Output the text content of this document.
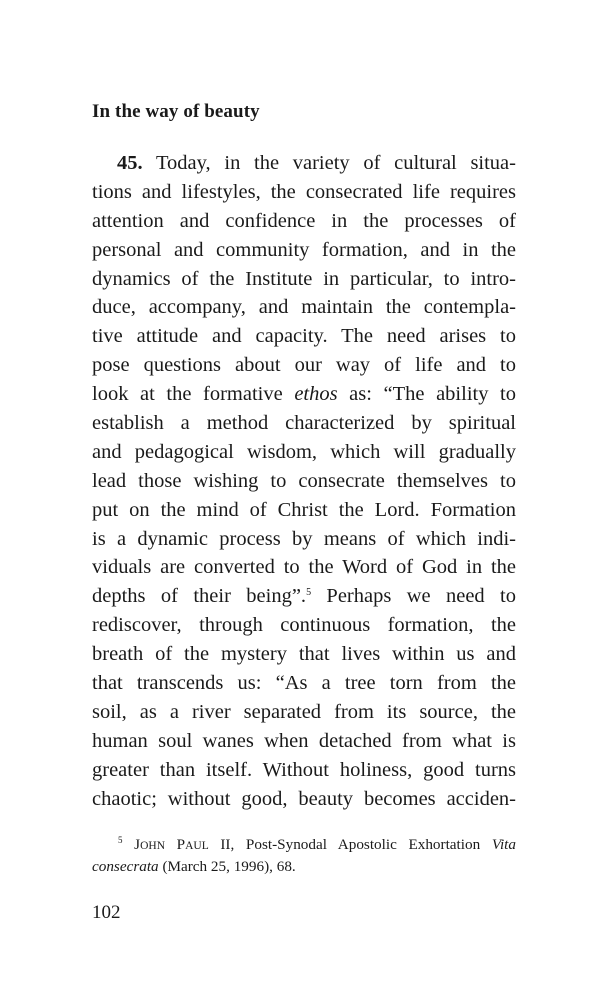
In the way of beauty
45. Today, in the variety of cultural situa-
tions and lifestyles, the consecrated life requires
attention and confidence in the processes of
personal and community formation, and in the
dynamics of the Institute in particular, to intro-
duce, accompany, and maintain the contempla-
tive attitude and capacity. The need arises to
pose questions about our way of life and to
look at the formative ethos as: “The ability to
establish a method characterized by spiritual
and pedagogical wisdom, which will gradually
lead those wishing to consecrate themselves to
put on the mind of Christ the Lord. Formation
is a dynamic process by means of which indi-
viduals are converted to the Word of God in the
depths of their being”.$^5$ Perhaps we need to
rediscover, through continuous formation, the
breath of the mystery that lives within us and
that transcends us: “As a tree torn from the
soil, as a river separated from its source, the
human soul wanes when detached from what is
greater than itself. Without holiness, good turns
chaotic; without good, beauty becomes acciden-
$^5$ JOHN PAUL II, Post-Synodal Apostolic Exhortation Vita
consecrata (March 25, 1996), 68.
102
